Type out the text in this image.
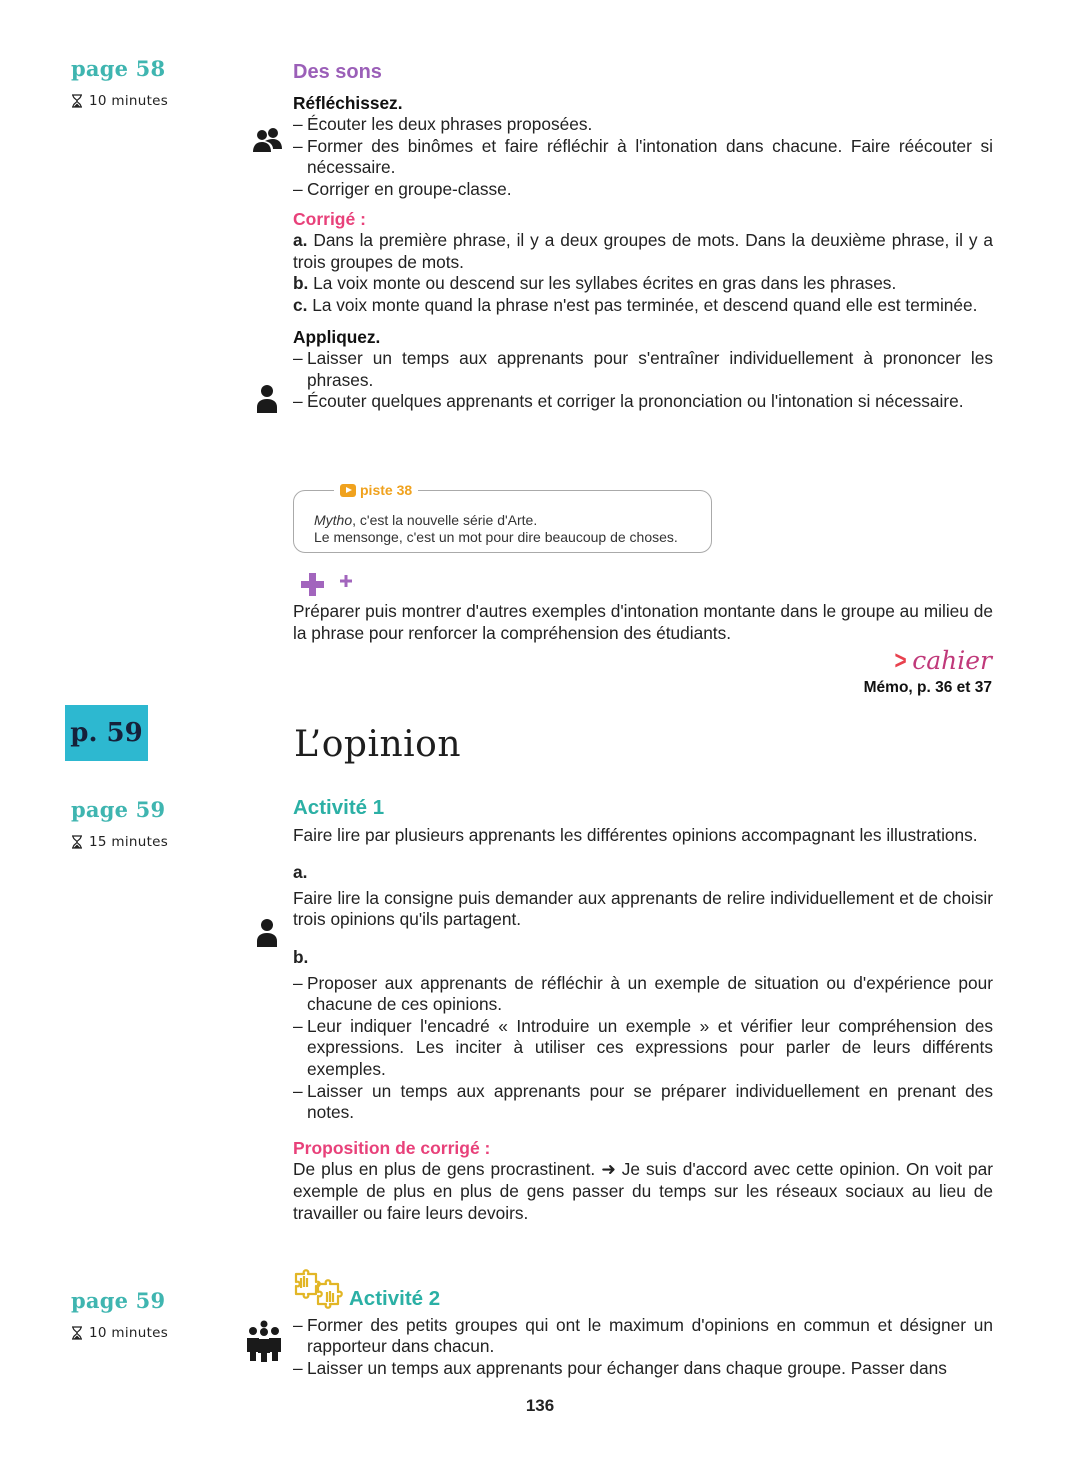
page 58
10 minutes
Des sons
Réfléchissez.
– Écouter les deux phrases proposées.
– Former des binômes et faire réfléchir à l'intonation dans chacune. Faire réécouter si nécessaire.
– Corriger en groupe-classe.
Corrigé :
a. Dans la première phrase, il y a deux groupes de mots. Dans la deuxième phrase, il y a trois groupes de mots.
b. La voix monte ou descend sur les syllabes écrites en gras dans les phrases.
c. La voix monte quand la phrase n'est pas terminée, et descend quand elle est terminée.
Appliquez.
– Laisser un temps aux apprenants pour s'entraîner individuellement à prononcer les phrases.
– Écouter quelques apprenants et corriger la prononciation ou l'intonation si nécessaire.
piste 38
Mytho, c'est la nouvelle série d'Arte.
Le mensonge, c'est un mot pour dire beaucoup de choses.
Préparer puis montrer d'autres exemples d'intonation montante dans le groupe au milieu de la phrase pour renforcer la compréhension des étudiants.
> cahier
Mémo, p. 36 et 37
p. 59	L’opinion
page 59
15 minutes
Activité 1
Faire lire par plusieurs apprenants les différentes opinions accompagnant les illustrations.
a.
Faire lire la consigne puis demander aux apprenants de relire individuellement et de choisir trois opinions qu'ils partagent.
b.
– Proposer aux apprenants de réfléchir à un exemple de situation ou d'expérience pour chacune de ces opinions.
– Leur indiquer l'encadré « Introduire un exemple » et vérifier leur compréhension des expressions. Les inciter à utiliser ces expressions pour parler de leurs différents exemples.
– Laisser un temps aux apprenants pour se préparer individuellement en prenant des notes.
Proposition de corrigé :
De plus en plus de gens procrastinent. ➜ Je suis d'accord avec cette opinion. On voit par exemple de plus en plus de gens passer du temps sur les réseaux sociaux au lieu de travailler ou faire leurs devoirs.
page 59
10 minutes
Activité 2
– Former des petits groupes qui ont le maximum d'opinions en commun et désigner un rapporteur dans chacun.
– Laisser un temps aux apprenants pour échanger dans chaque groupe. Passer dans
136
